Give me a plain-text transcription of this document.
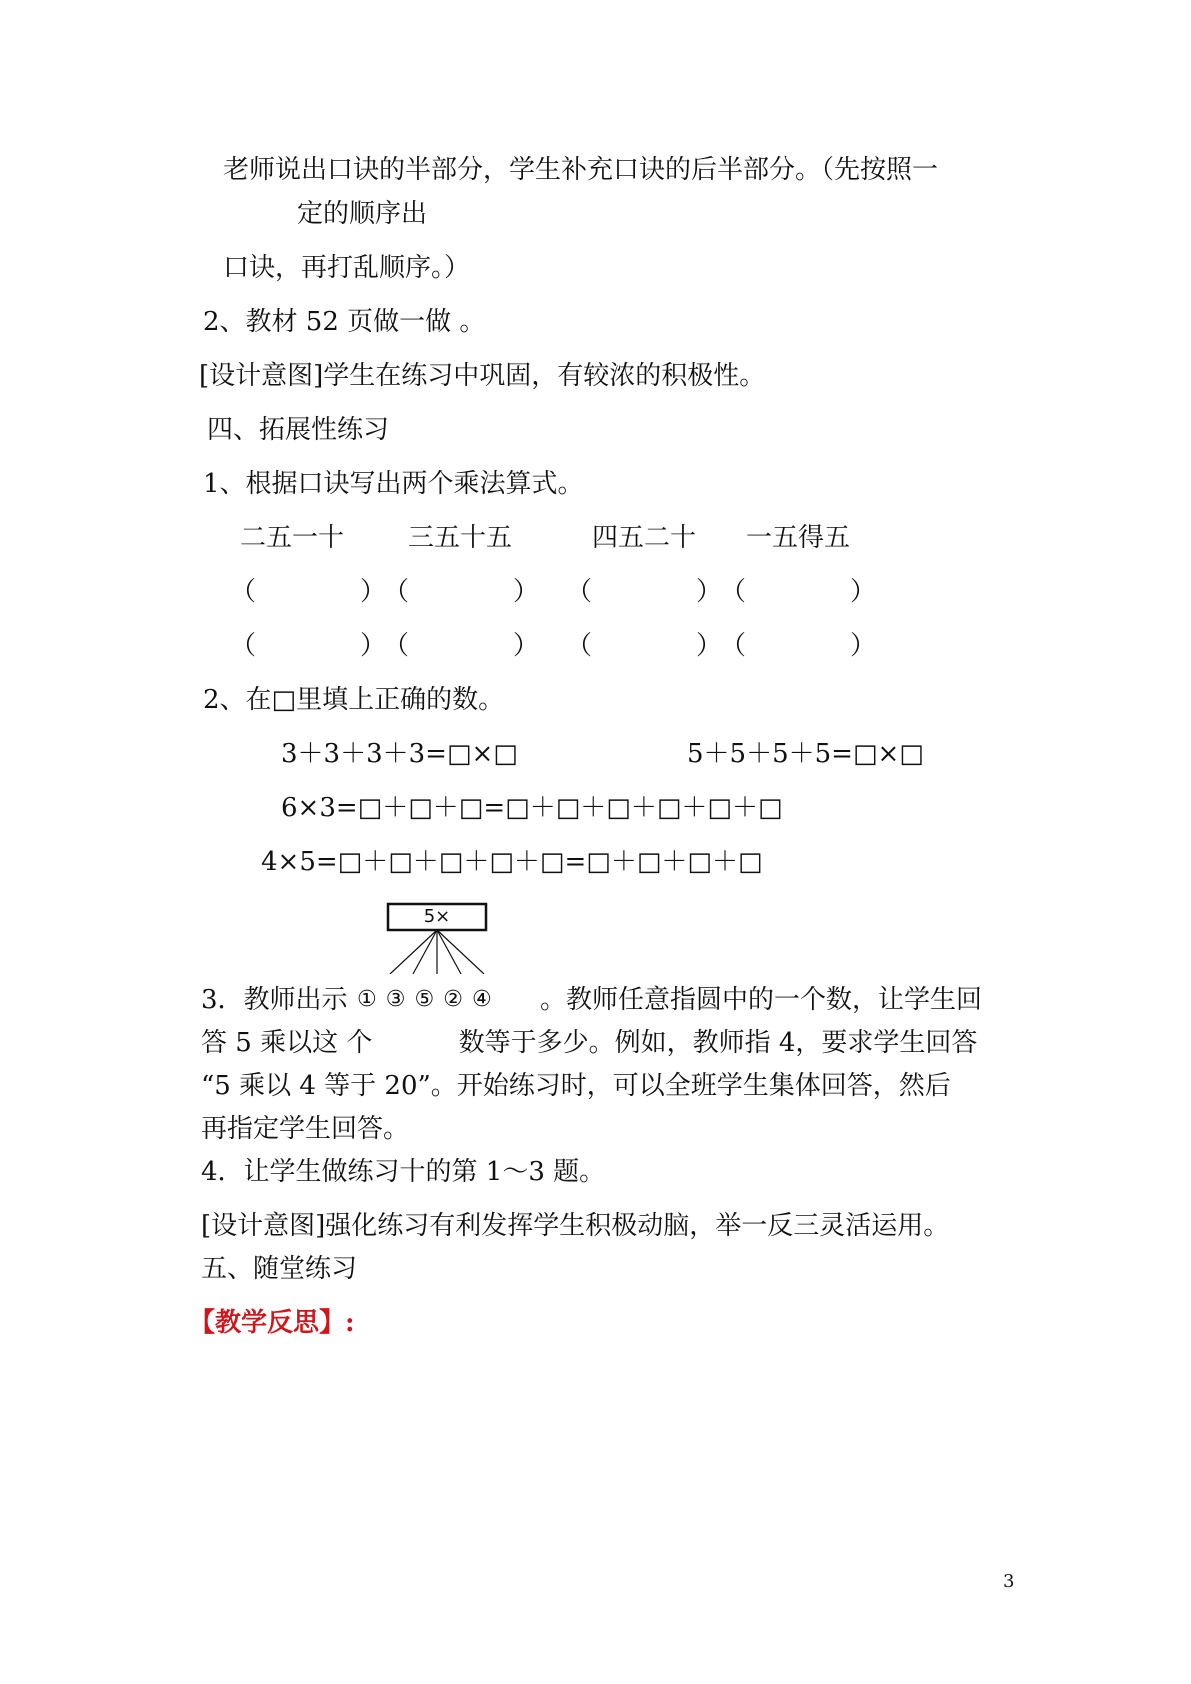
老师说出口诀的半部分，学生补充口诀的后半部分。（先按照一
定的顺序出
口诀，再打乱顺序。）
2、教材 52 页做一做 。
[设计意图]学生在练习中巩固，有较浓的积极性。
四、拓展性练习
1、根据口诀写出两个乘法算式。
二五一十 三五十五	四五二十 一五得五
（　　　　）
（　　　　） （　　　　）
（　　　　）
（　　　　）
（　　　　） （　　　　）
（　　　　）
2、在□里填上正确的数。
3＋3＋3＋3=□×□	5＋5＋5＋5=□×□
6×3=□＋□＋□=□＋□＋□＋□＋□＋□
4×5=□＋□＋□＋□＋□=□＋□＋□＋□
5×
3．教师出示 ① ③ ⑤ ② ④ 。教师任意指圆中的一个数，让学生回
答 5 乘以这 个　　　 数等于多少。例如，教师指 4，要求学生回答
“5 乘以 4 等于 20”。开始练习时，可以全班学生集体回答，然后
再指定学生回答。
4．让学生做练习十的第 1～3 题。
[设计意图]强化练习有利发挥学生积极动脑，举一反三灵活运用。
五、随堂练习
【教学反思】:
3
